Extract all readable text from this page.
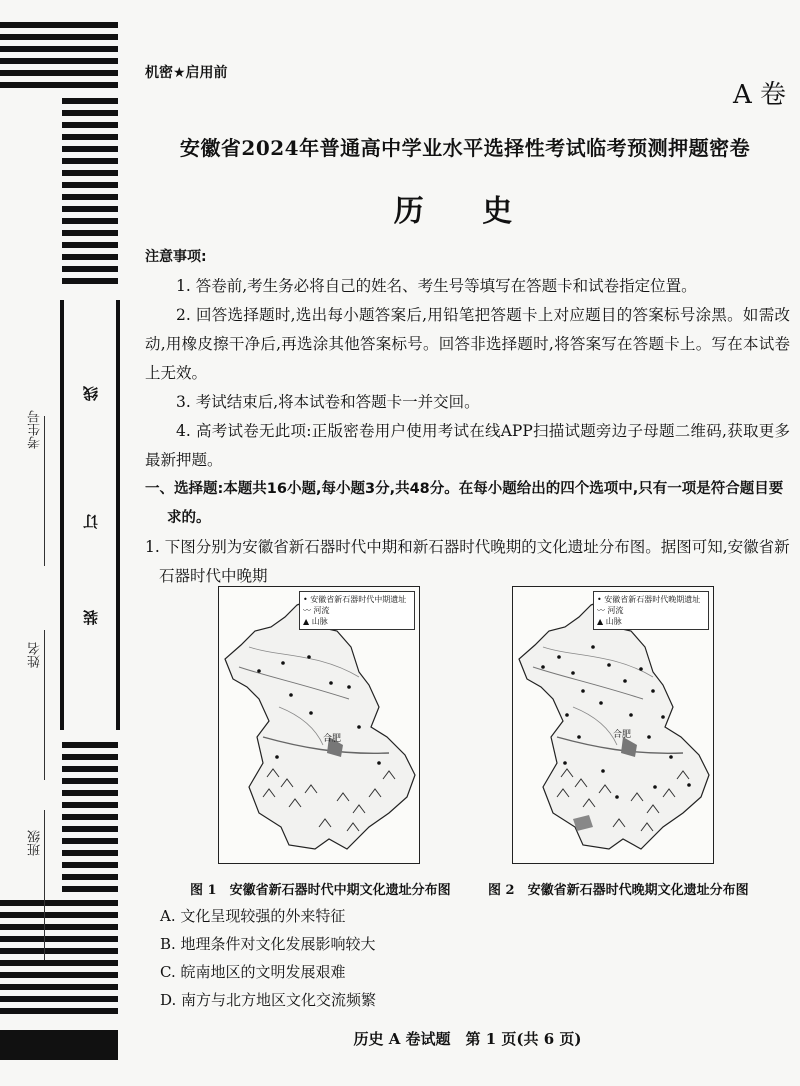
装
订
线
班级
姓名
考生号
机密★启用前
A 卷
安徽省2024年普通高中学业水平选择性考试临考预测押题密卷
历 史
注意事项:

1. 答卷前,考生务必将自己的姓名、考生号等填写在答题卡和试卷指定位置。

2. 回答选择题时,选出每小题答案后,用铅笔把答题卡上对应题目的答案标号涂黑。如需改动,用橡皮擦干净后,再选涂其他答案标号。回答非选择题时,将答案写在答题卡上。写在本试卷上无效。

3. 考试结束后,将本试卷和答题卡一并交回。

4. 高考试卷无此项:正版密卷用户使用考试在线APP扫描试题旁边子母题二维码,获取更多最新押题。

一、选择题:本题共16小题,每小题3分,共48分。在每小题给出的四个选项中,只有一项是符合题目要求的。

1. 下图分别为安徽省新石器时代中期和新石器时代晚期的文化遗址分布图。据图可知,安徽省新石器时代中晚期

合肥
• 安徽省新石器时代中期遗址
〰 河流
▲ 山脉
合肥
• 安徽省新石器时代晚期遗址
〰 河流
▲ 山脉
图 1　安徽省新石器时代中期文化遗址分布图	图 2　安徽省新石器时代晚期文化遗址分布图

A. 文化呈现较强的外来特征

B. 地理条件对文化发展影响较大

C. 皖南地区的文明发展艰难

D. 南方与北方地区文化交流频繁

历史 A 卷试题　第 1 页(共 6 页)
